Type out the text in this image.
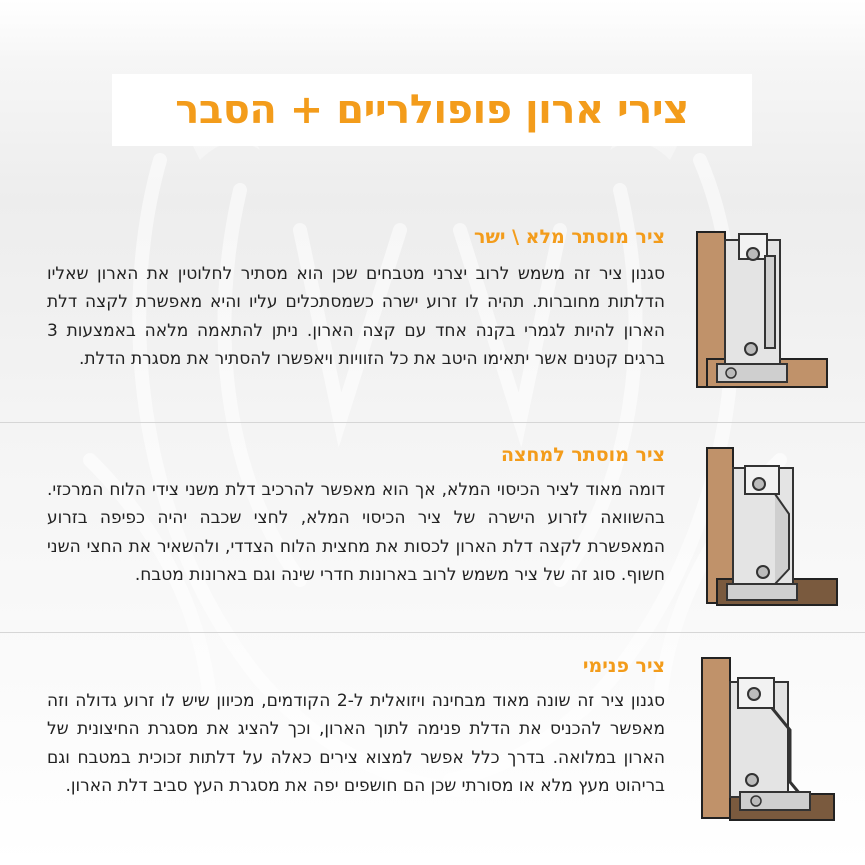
צירי ארון פופולריים + הסבר
ציר מוסתר מלא \ ישר
סגנון ציר זה משמש לרוב יצרני מטבחים שכן הוא מסתיר לחלוטין את הארון שאליו הדלתות מחוברות. תהיה לו זרוע ישרה כשמסתכלים עליו והיא מאפשרת לקצה דלת הארון להיות לגמרי בקנה אחד עם קצה הארון. ניתן להתאמה מלאה באמצעות 3 ברגים קטנים אשר יתאימו היטב את כל הזוויות ויאפשרו להסתיר את מסגרת הדלת.
ציר מוסתר למחצה
דומה מאוד לציר הכיסוי המלא, אך הוא מאפשר להרכיב דלת משני צידי הלוח המרכזי. בהשוואה לזרוע הישרה של ציר הכיסוי המלא, לחצי שכבה יהיה כפיפה בזרוע המאפשרת לקצה דלת הארון לכסות את מחצית הלוח הצדדי, ולהשאיר את החצי השני חשוף. סוג זה של ציר משמש לרוב בארונות חדרי שינה וגם בארונות מטבח.
ציר פנימי
סגנון ציר זה שונה מאוד מבחינה ויזואלית ל-2 הקודמים, מכיוון שיש לו זרוע גדולה וזה מאפשר להכניס את הדלת פנימה לתוך הארון, וכך להציג את מסגרת החיצונית של הארון במלואה. בדרך כלל אפשר למצוא צירים כאלה על דלתות זכוכית במטבח וגם בריהוט מעץ מלא או מסורתי שכן הם חושפים יפה את מסגרת העץ סביב דלת הארון.
